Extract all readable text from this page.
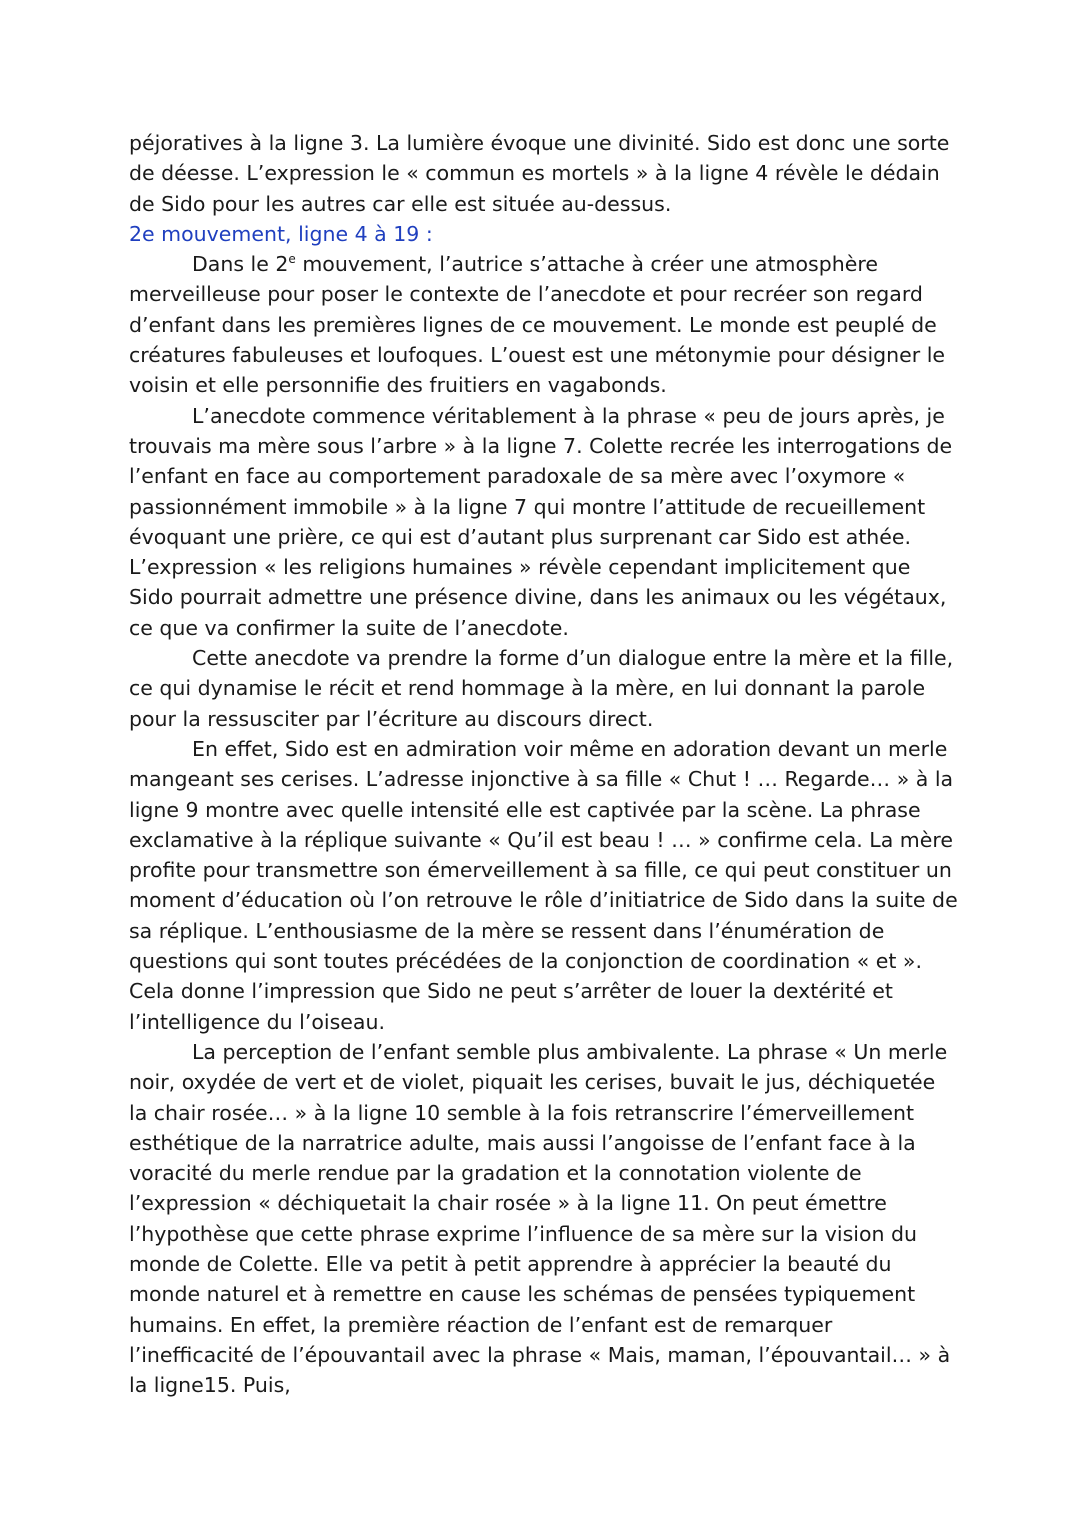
péjoratives à la ligne 3. La lumière évoque une divinité. Sido est donc une sorte de déesse. L’expression le « commun es mortels » à la ligne 4 révèle le dédain de Sido pour les autres car elle est située au-dessus.

2e mouvement, ligne 4 à 19 :

Dans le 2e mouvement, l’autrice s’attache à créer une atmosphère merveilleuse pour poser le contexte de l’anecdote et pour recréer son regard d’enfant dans les premières lignes de ce mouvement. Le monde est peuplé de créatures fabuleuses et loufoques. L’ouest est une métonymie pour désigner le voisin et elle personnifie des fruitiers en vagabonds.

L’anecdote commence véritablement à la phrase « peu de jours après, je trouvais ma mère sous l’arbre » à la ligne 7. Colette recrée les interrogations de l’enfant en face au comportement paradoxale de sa mère avec l’oxymore « passionnément immobile » à la ligne 7 qui montre l’attitude de recueillement évoquant une prière, ce qui est d’autant plus surprenant car Sido est athée. L’expression « les religions humaines » révèle cependant implicitement que Sido pourrait admettre une présence divine, dans les animaux ou les végétaux, ce que va confirmer la suite de l’anecdote.

Cette anecdote va prendre la forme d’un dialogue entre la mère et la fille, ce qui dynamise le récit et rend hommage à la mère, en lui donnant la parole pour la ressusciter par l’écriture au discours direct.

En effet, Sido est en admiration voir même en adoration devant un merle mangeant ses cerises. L’adresse injonctive à sa fille « Chut ! … Regarde… » à la ligne 9 montre avec quelle intensité elle est captivée par la scène. La phrase exclamative à la réplique suivante « Qu’il est beau ! … » confirme cela. La mère profite pour transmettre son émerveillement à sa fille, ce qui peut constituer un moment d’éducation où l’on retrouve le rôle d’initiatrice de Sido dans la suite de sa réplique. L’enthousiasme de la mère se ressent dans l’énumération de questions qui sont toutes précédées de la conjonction de coordination « et ». Cela donne l’impression que Sido ne peut s’arrêter de louer la dextérité et l’intelligence du l’oiseau.

La perception de l’enfant semble plus ambivalente. La phrase « Un merle noir, oxydée de vert et de violet, piquait les cerises, buvait le jus, déchiquetée la chair rosée… » à la ligne 10 semble à la fois retranscrire l’émerveillement esthétique de la narratrice adulte, mais aussi l’angoisse de l’enfant face à la voracité du merle rendue par la gradation et la connotation violente de l’expression « déchiquetait la chair rosée » à la ligne 11. On peut émettre l’hypothèse que cette phrase exprime l’influence de sa mère sur la vision du monde de Colette. Elle va petit à petit apprendre à apprécier la beauté du monde naturel et à remettre en cause les schémas de pensées typiquement humains. En effet, la première réaction de l’enfant est de remarquer l’inefficacité de l’épouvantail avec la phrase « Mais, maman, l’épouvantail… » à la ligne15. Puis,
